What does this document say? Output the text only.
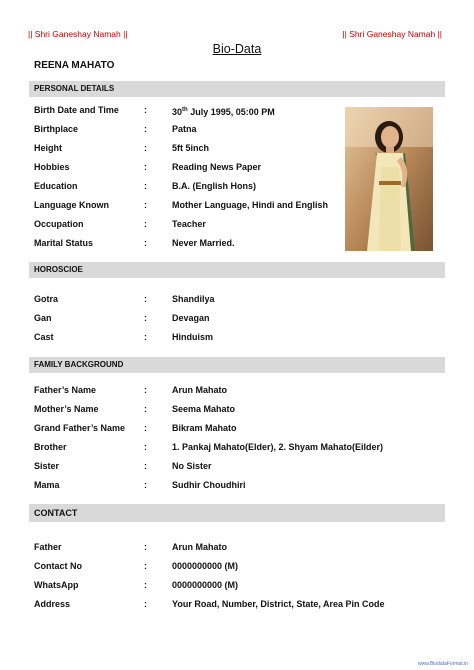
|| Shri Ganeshay Namah ||	|| Shri Ganeshay Namah ||
Bio-Data
REENA MAHATO
PERSONAL DETAILS
Birth Date and Time	:	30th July 1995, 05:00 PM
Birthplace	:	Patna
Height	:	5ft 5inch
Hobbies	:	Reading News Paper
Education	:	B.A. (English Hons)
Language Known	:	Mother Language, Hindi and English
Occupation	:	Teacher
Marital Status	:	Never Married.
HOROSCIOE
Gotra	:	Shandilya
Gan	:	Devagan
Cast	:	Hinduism
FAMILY BACKGROUND
Father’s Name	:	Arun Mahato
Mother’s Name	:	Seema Mahato
Grand Father’s Name :	Bikram Mahato
Brother	:	1. Pankaj Mahato(Elder), 2. Shyam Mahato(Eilder)
Sister	:	No Sister
Mama	:	Sudhir Choudhiri
CONTACT
Father	:	Arun Mahato
Contact No	:	0000000000 (M)
WhatsApp	:	0000000000 (M)
Address	:	Your Road, Number, District, State, Area Pin Code
www.BiodataFormat.in
